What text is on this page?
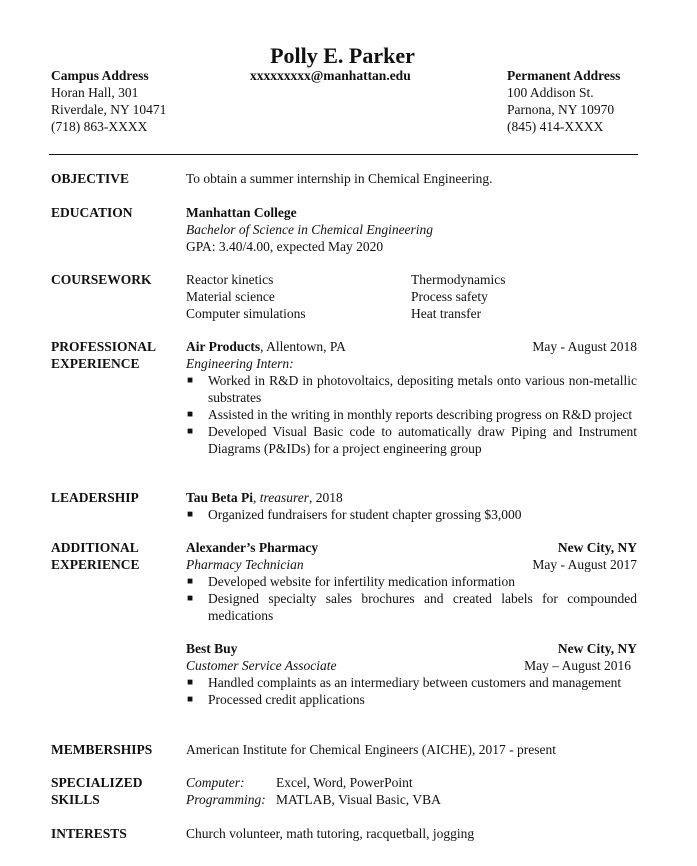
Polly E. Parker
Campus Address
Horan Hall, 301
Riverdale, NY 10471
(718) 863-XXXX
xxxxxxxxx@manhattan.edu	Permanent Address
100 Addison St.
Parnona, NY 10970
(845) 414-XXXX
OBJECTIVE	To obtain a summer internship in Chemical Engineering.
EDUCATION	Manhattan College
Bachelor of Science in Chemical Engineering
GPA: 3.40/4.00, expected May 2020
COURSEWORK	Reactor kinetics	Thermodynamics
Material science	Process safety
Computer simulations	Heat transfer
PROFESSIONAL
EXPERIENCE
Air Products, Allentown, PA	May - August 2018
Engineering Intern:
■ Worked in R&D in photovoltaics, depositing metals onto various non-metallic substrates
■ Assisted in the writing in monthly reports describing progress on R&D project
■ Developed Visual Basic code to automatically draw Piping and Instrument Diagrams (P&IDs) for a project engineering group
LEADERSHIP	Tau Beta Pi, treasurer, 2018
■ Organized fundraisers for student chapter grossing $3,000
ADDITIONAL
EXPERIENCE
Alexander’s Pharmacy	New City, NY
Pharmacy Technician	May - August 2017
■ Developed website for infertility medication information
■ Designed specialty sales brochures and created labels for compounded medications
Best Buy	New City, NY
Customer Service Associate	May – August 2016
■ Handled complaints as an intermediary between customers and management
■ Processed credit applications
MEMBERSHIPS	American Institute for Chemical Engineers (AICHE), 2017 - present
SPECIALIZED
SKILLS
Computer: Excel, Word, PowerPoint
Programming: MATLAB, Visual Basic, VBA
INTERESTS	Church volunteer, math tutoring, racquetball, jogging
